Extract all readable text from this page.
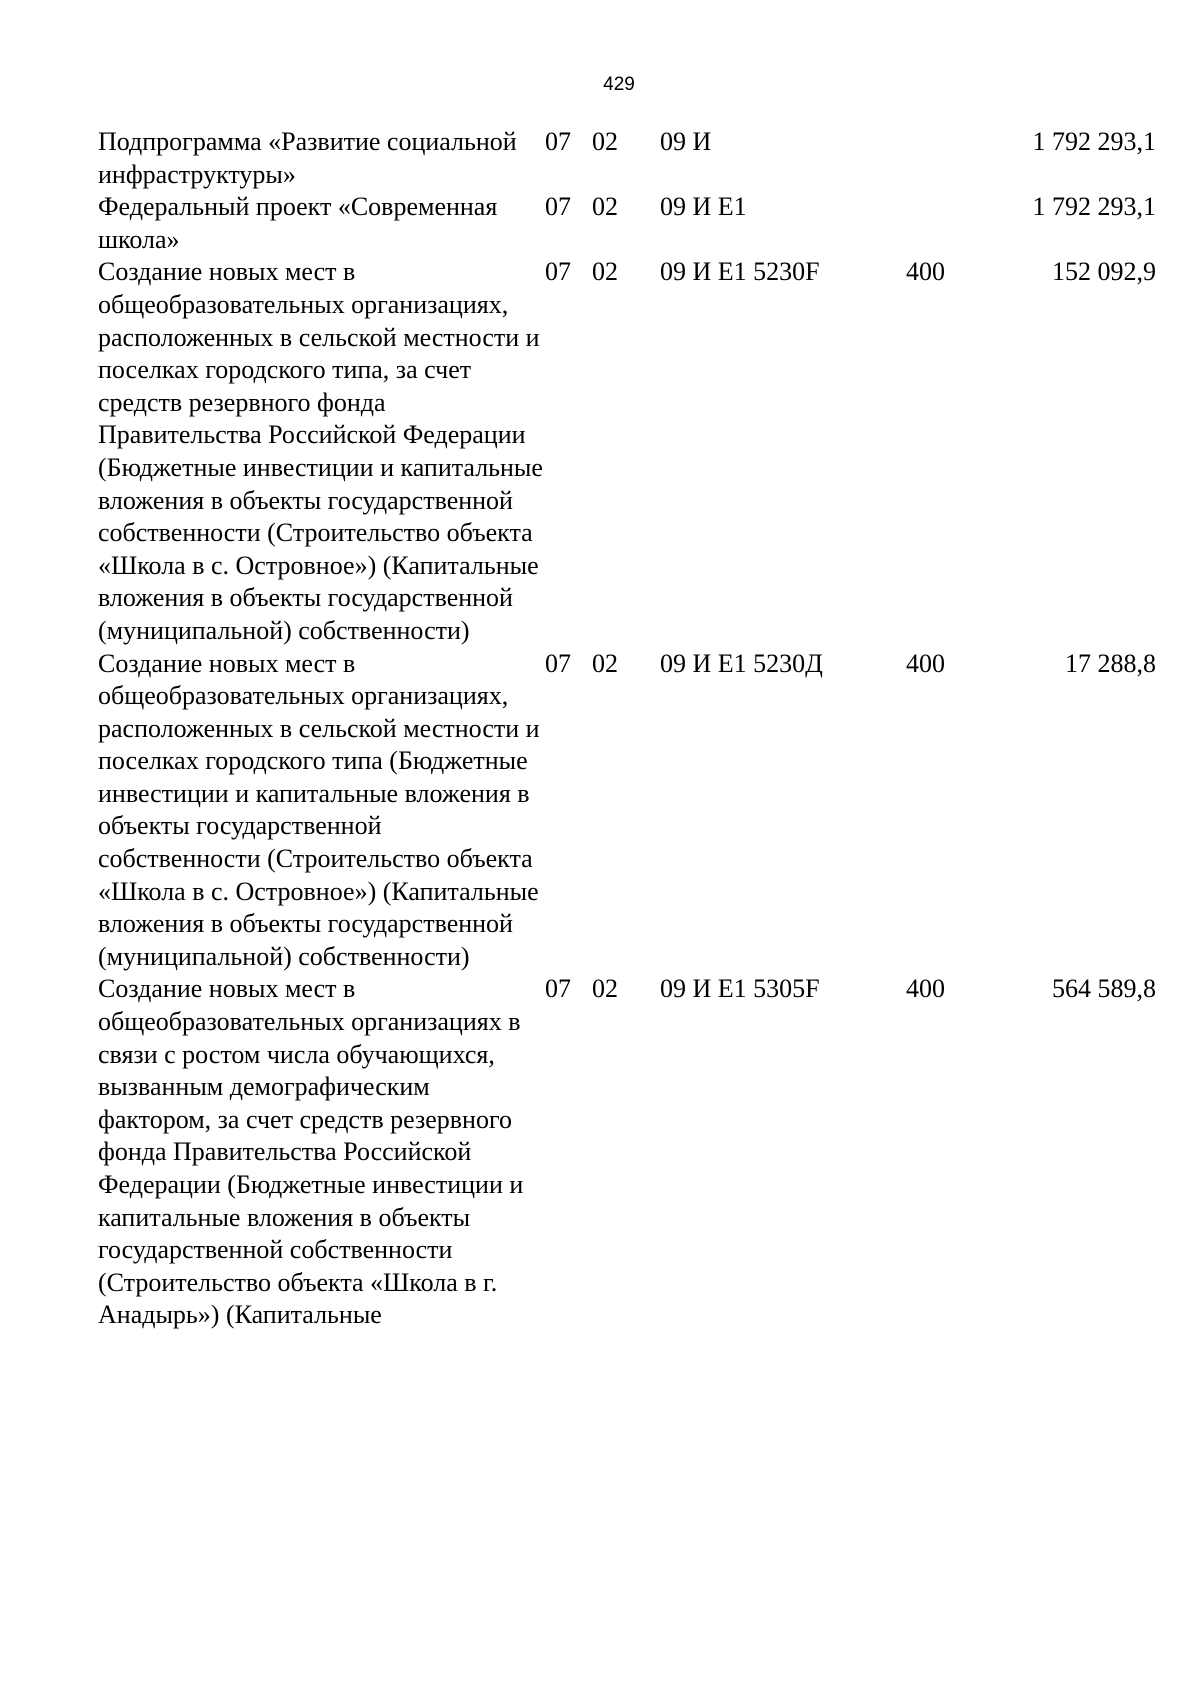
429
Подпрограмма «Развитие социальной инфраструктуры»	07	02	09 И		1 792 293,1
Федеральный проект «Современная школа»	07	02	09 И Е1		1 792 293,1
Создание новых мест в общеобразовательных организациях, расположенных в сельской местности и поселках городского типа, за счет средств резервного фонда Правительства Российской Федерации (Бюджетные инвестиции и капитальные вложения в объекты государственной собственности (Строительство объекта «Школа в с. Островное») (Капитальные вложения в объекты государственной (муниципальной) собственности)	07	02	09 И Е1 5230F	400	152 092,9
Создание новых мест в общеобразовательных организациях, расположенных в сельской местности и поселках городского типа (Бюджетные инвестиции и капитальные вложения в объекты государственной собственности (Строительство объекта «Школа в с. Островное») (Капитальные вложения в объекты государственной (муниципальной) собственности)	07	02	09 И Е1 5230Д	400	17 288,8
Создание новых мест в общеобразовательных организациях в связи с ростом числа обучающихся, вызванным демографическим фактором, за счет средств резервного фонда Правительства Российской Федерации (Бюджетные инвестиции и капитальные вложения в объекты государственной собственности (Строительство объекта «Школа в г. Анадырь») (Капитальные	07	02	09 И Е1 5305F	400	564 589,8
